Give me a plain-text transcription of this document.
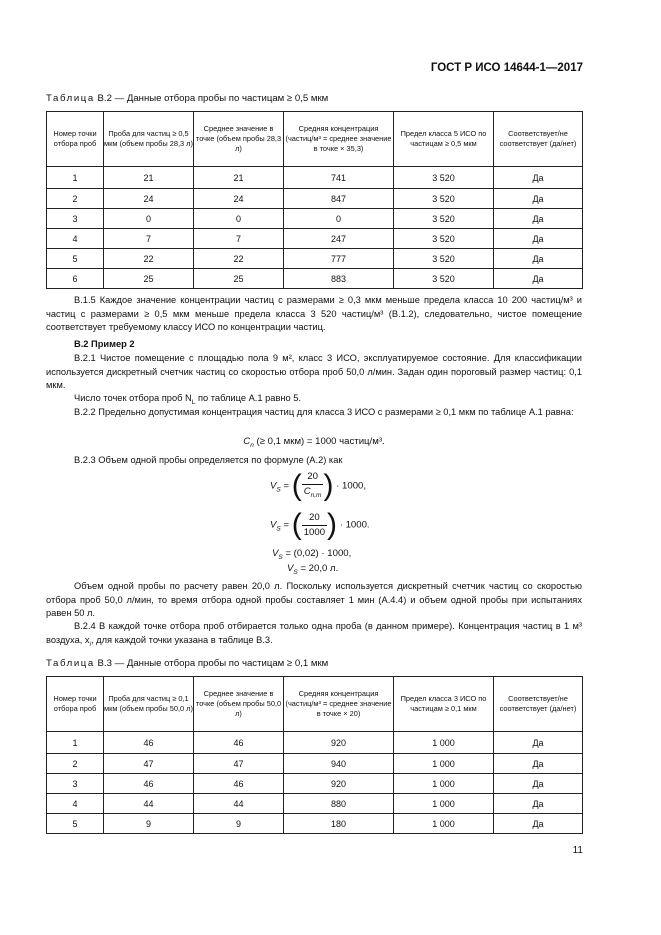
ГОСТ Р ИСО 14644-1—2017
Таблица В.2 — Данные отбора пробы по частицам ≥ 0,5 мкм
Номер точки отбора проб	Проба для частиц ≥ 0,5 мкм (объем пробы 28,3 л)	Среднее значение в точке (объем пробы 28,3 л)	Средняя концентрация (частиц/м³ = среднее значение в точке × 35,3)	Предел класса 5 ИСО по частицам ≥ 0,5 мкм	Соответствует/не соответствует (да/нет)
1	21	21	741	3 520	Да
2	24	24	847	3 520	Да
3	0	0	0	3 520	Да
4	7	7	247	3 520	Да
5	22	22	777	3 520	Да
6	25	25	883	3 520	Да
В.1.5 Каждое значение концентрации частиц с размерами ≥ 0,3 мкм меньше предела класса 10 200 частиц/м³ и частиц с размерами ≥ 0,5 мкм меньше предела класса 3 520 частиц/м³ (В.1.2), следовательно, чистое помещение соответствует требуемому классу ИСО по концентрации частиц.
В.2 Пример 2
В.2.1 Чистое помещение с площадью пола 9 м², класс 3 ИСО, эксплуатируемое состояние. Для классификации используется дискретный счетчик частиц со скоростью отбора проб 50,0 л/мин. Задан один пороговый размер частиц: 0,1 мкм.
Число точек отбора проб $N_L$ по таблице А.1 равно 5.
В.2.2 Предельно допустимая концентрация частиц для класса 3 ИСО с размерами ≥ 0,1 мкм по таблице А.1 равна:
$C_n$ (≥ 0,1 мкм) = 1000 частиц/м³.
В.2.3 Объем одной пробы определяется по формуле (А.2) как
$V_S$ = ( $\frac{20}{C_{n,m}}$ ) · 1000,
$V_S$ = ( $\frac{20}{1000}$ ) · 1000.
$V_S = (0,02) \cdot 1000$,
$V_S = 20,0$ л.
Объем одной пробы по расчету равен 20,0 л. Поскольку используется дискретный счетчик частиц со скоростью отбора проб 50,0 л/мин, то время отбора одной пробы составляет 1 мин (А.4.4) и объем одной пробы при испытаниях равен 50 л.
В.2.4 В каждой точке отбора проб отбирается только одна проба (в данном примере). Концентрация частиц в 1 м³ воздуха, $x_i$, для каждой точки указана в таблице В.3.
Таблица В.3 — Данные отбора пробы по частицам ≥ 0,1 мкм
Номер точки отбора проб	Проба для частиц ≥ 0,1 мкм (объем пробы 50,0 л)	Среднее значение в точке (объем пробы 50,0 л)	Средняя концентрация (частиц/м³ = среднее значение в точке × 20)	Предел класса 3 ИСО по частицам ≥ 0,1 мкм	Соответствует/не соответствует (да/нет)
1	46	46	920	1 000	Да
2	47	47	940	1 000	Да
3	46	46	920	1 000	Да
4	44	44	880	1 000	Да
5	9	9	180	1 000	Да
11
